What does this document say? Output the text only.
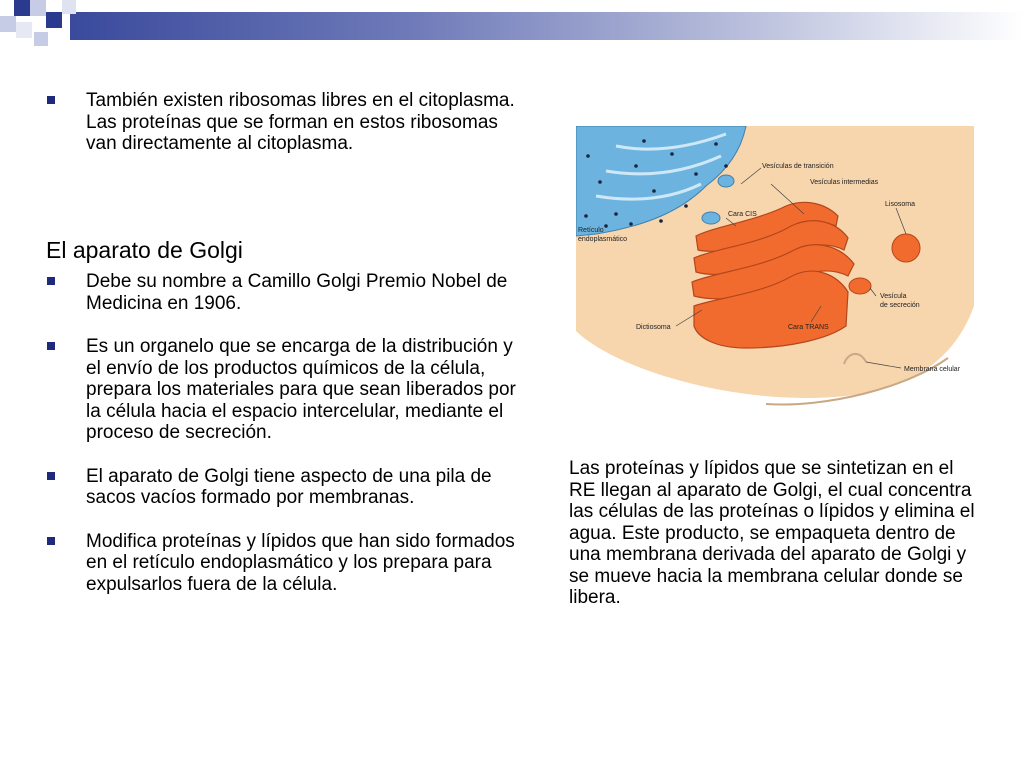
También existen ribosomas libres en el citoplasma. Las proteínas que se forman en estos ribosomas van directamente al citoplasma.
El aparato de Golgi
Debe su nombre a Camillo Golgi Premio Nobel de Medicina en 1906.
Es un organelo que se encarga de la distribución y el envío de los productos químicos de la célula, prepara los materiales para que sean liberados por la célula hacia el espacio intercelular, mediante el proceso de secreción.
El aparato de Golgi tiene aspecto de una pila de sacos vacíos formado por membranas.
Modifica proteínas y lípidos que han sido formados en el retículo endoplasmático y los prepara para expulsarlos fuera de la célula.
Vesículas de transición
Vesículas intermedias
Lisosoma
Cara CIS
Retículo
endoplasmático
Vesícula
de secreción
Dictiosoma	Cara TRANS
Membrana celular
Las proteínas y lípidos que se sintetizan en el RE llegan al aparato de Golgi, el cual concentra las células de las proteínas o lípidos y elimina el agua. Este producto, se empaqueta dentro de una membrana derivada del aparato de Golgi y se mueve hacia la membrana celular donde se libera.
